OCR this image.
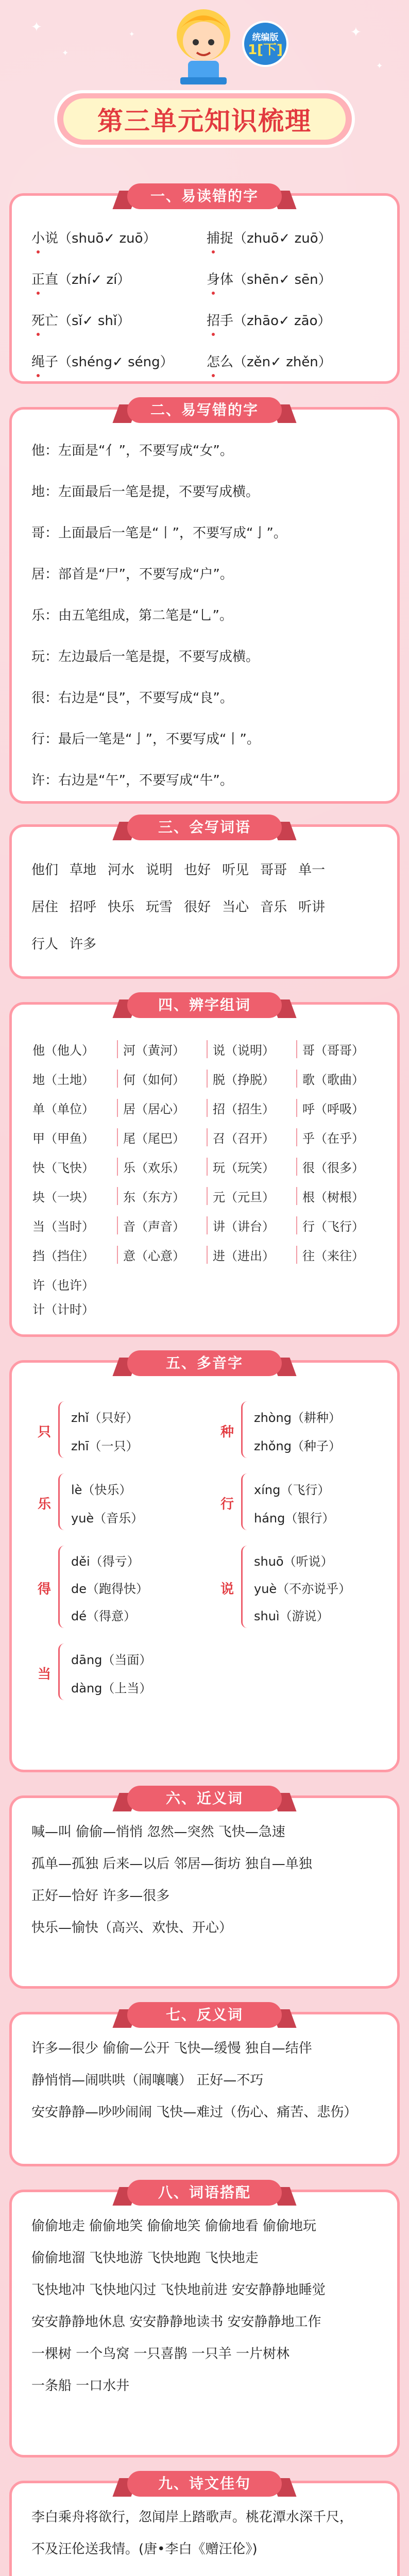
✦
✦
✦
✦
✦	统编版
1[下]
第三单元知识梳理
一、易读错的字
小说（shuō✓ zuō）	捕捉（zhuō✓ zuō）
正直（zhí✓ zí）	身体（shēn✓ sēn）
死亡（sǐ✓ shǐ）	招手（zhāo✓ zāo）
绳子（shéng✓ séng）	怎么（zěn✓ zhěn）
二、易写错的字
他：左面是“亻”，不要写成“女”。
地：左面最后一笔是提，不要写成横。
哥：上面最后一笔是“丨”，不要写成“亅”。
居：部首是“尸”，不要写成“户”。
乐：由五笔组成，第二笔是“乚”。
玩：左边最后一笔是提，不要写成横。
很：右边是“艮”，不要写成“良”。
行：最后一笔是“亅”，不要写成“丨”。
许：右边是“午”，不要写成“牛”。
三、会写词语
他们 草地 河水 说明 也好 听见 哥哥 单一
居住 招呼 快乐 玩雪 很好 当心 音乐 听讲
行人 许多
四、辨字组词
他（他人）	河（黄河）	说（说明）	哥（哥哥）
地（土地）	何（如何）	脱（挣脱）	歌（歌曲）
单（单位）	居（居心）	招（招生）	呼（呼吸）
甲（甲鱼）	尾（尾巴）	召（召开）	乎（在乎）
快（飞快）	乐（欢乐）	玩（玩笑）	很（很多）
块（一块）	东（东方）	元（元旦）	根（树根）
当（当时）	音（声音）	讲（讲台）	行（飞行）
挡（挡住）	意（心意）	进（进出）	往（来往）
许（也许）
计（计时）
五、多音字
只
zhǐ（只好）
zhī（一只）
种
zhòng（耕种）
zhǒng（种子）
乐
lè（快乐）
yuè（音乐）
行
xíng（飞行）
háng（银行）
得
děi（得亏）
de（跑得快）
dé（得意）
说
shuō（听说）
yuè（不亦说乎）
shuì（游说）
当
dāng（当面）
dàng（上当）
六、近义词
喊—叫 偷偷—悄悄 忽然—突然 飞快—急速
孤单—孤独 后来—以后 邻居—街坊 独自—单独
正好—恰好 许多—很多
快乐—愉快（高兴、欢快、开心）
七、反义词
许多—很少 偷偷—公开 飞快—缓慢 独自—结伴
静悄悄—闹哄哄（闹嚷嚷） 正好—不巧
安安静静—吵吵闹闹 飞快—难过（伤心、痛苦、悲伤）
八、词语搭配
偷偷地走 偷偷地笑 偷偷地笑 偷偷地看 偷偷地玩
偷偷地溜 飞快地游 飞快地跑 飞快地走
飞快地冲 飞快地闪过 飞快地前进 安安静静地睡觉
安安静静地休息 安安静静地读书 安安静静地工作
一棵树 一个鸟窝 一只喜鹊 一只羊 一片树林
一条船 一口水井
九、诗文佳句
李白乘舟将欲行，忽闻岸上踏歌声。桃花潭水深千尺，
不及汪伦送我情。(唐•李白《赠汪伦》)
